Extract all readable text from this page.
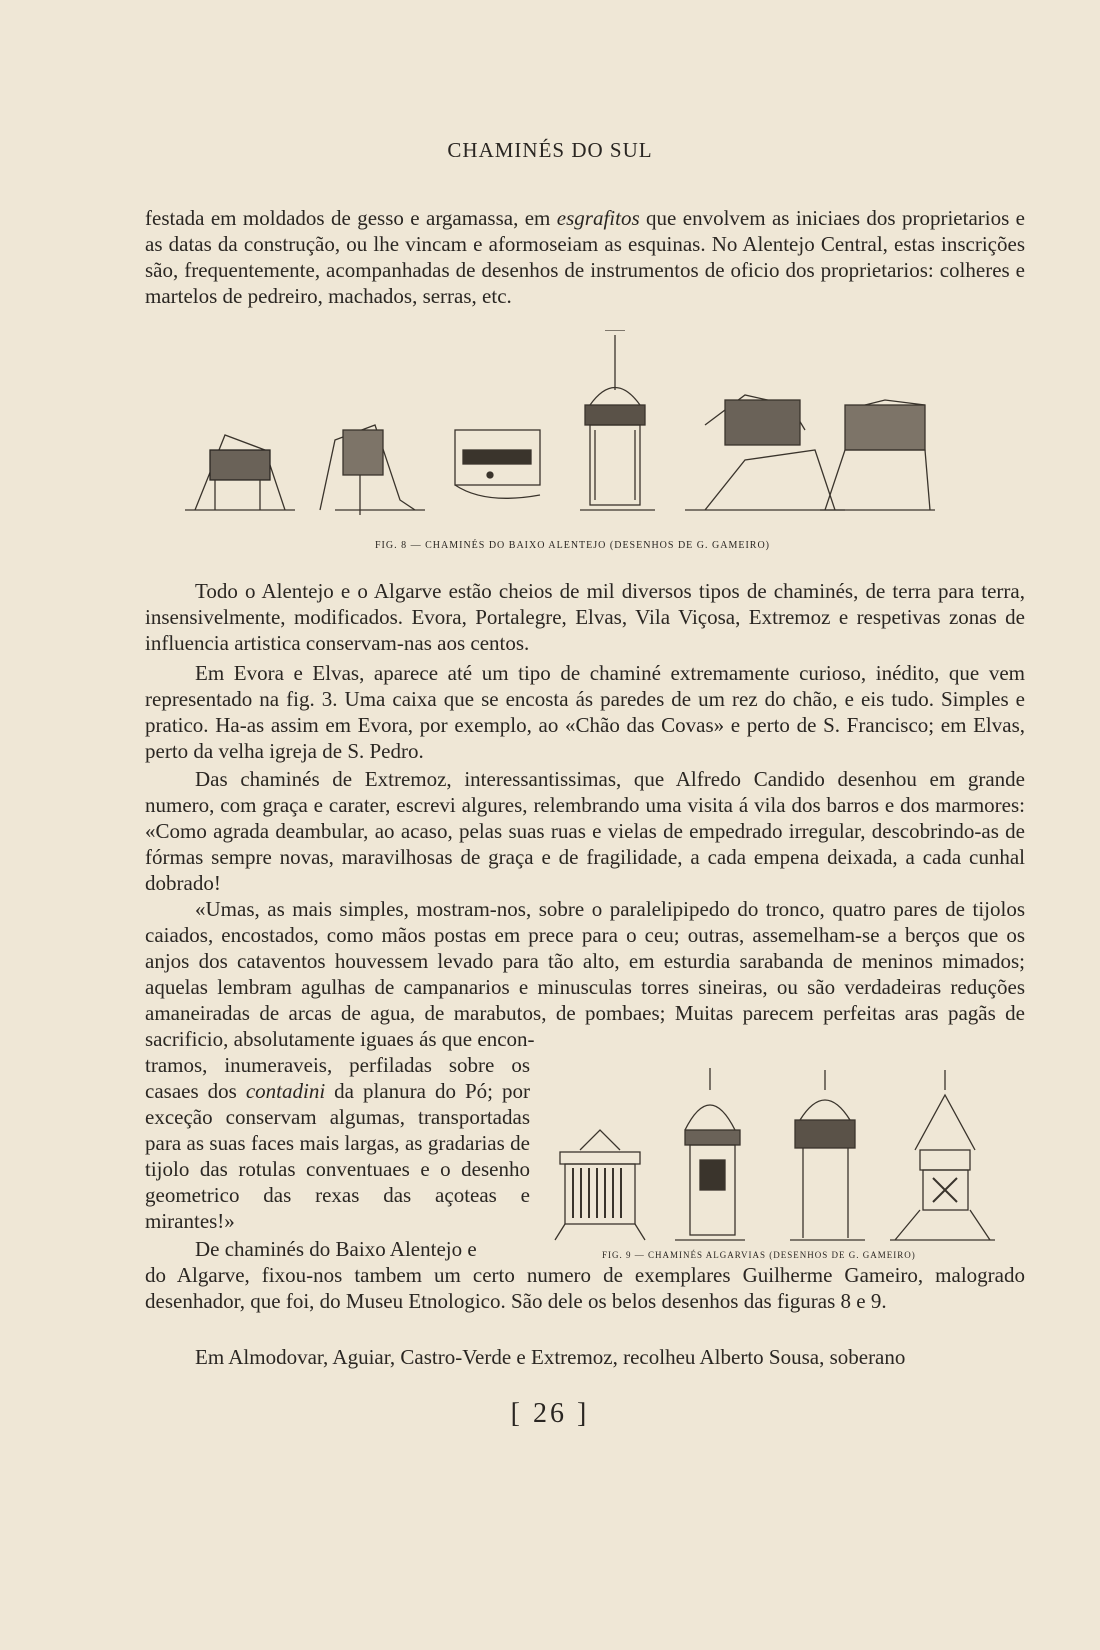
CHAMINÉS DO SUL

festada em moldados de gesso e argamassa, em esgrafitos que envolvem as iniciaes dos proprietarios e as datas da construção, ou lhe vincam e aformoseiam as esquinas. No Alentejo Central, estas inscrições são, frequentemente, acompanhadas de desenhos de instrumentos de oficio dos proprietarios: colheres e martelos de pedreiro, machados, serras, etc.

FIG. 8 — CHAMINÉS DO BAIXO ALENTEJO (DESENHOS DE G. GAMEIRO)

Todo o Alentejo e o Algarve estão cheios de mil diversos tipos de chaminés, de terra para terra, insensivelmente, modificados. Evora, Portalegre, Elvas, Vila Viçosa, Extremoz e respetivas zonas de influencia artistica conservam-nas aos centos.

Em Evora e Elvas, aparece até um tipo de chaminé extremamente curioso, inédito, que vem representado na fig. 3. Uma caixa que se encosta ás paredes de um rez do chão, e eis tudo. Simples e pratico. Ha-as assim em Evora, por exemplo, ao «Chão das Covas» e perto de S. Francisco; em Elvas, perto da velha igreja de S. Pedro.

Das chaminés de Extremoz, interessantissimas, que Alfredo Candido desenhou em grande numero, com graça e carater, escrevi algures, relembrando uma visita á vila dos barros e dos marmores: «Como agrada deambular, ao acaso, pelas suas ruas e vielas de empedrado irregular, descobrindo-as de fórmas sempre novas, maravilhosas de graça e de fragilidade, a cada empena deixada, a cada cunhal dobrado!

«Umas, as mais simples, mostram-nos, sobre o paralelipipedo do tronco, quatro pares de tijolos caiados, encostados, como mãos postas em prece para o ceu; outras, assemelham-se a berços que os anjos dos cataventos houvessem levado para tão alto, em esturdia sarabanda de meninos mimados; aquelas lembram agulhas de campanarios e minusculas torres sineiras, ou são verdadeiras reduções amaneiradas de arcas de agua, de marabutos, de pombaes; Muitas parecem perfeitas aras pagãs de sacrificio, absolutamente iguaes ás que encon-

tramos, inumeraveis, perfiladas sobre os casaes dos contadini da planura do Pó; por exceção conservam algumas, transportadas para as suas faces mais largas, as gradarias de tijolo das rotulas conventuaes e o desenho geometrico das rexas das açoteas e mirantes!»

De chaminés do Baixo Alentejo e	FIG. 9 — CHAMINÉS ALGARVIAS (DESENHOS DE G. GAMEIRO)

do Algarve, fixou-nos tambem um certo numero de exemplares Guilherme Gameiro, malogrado desenhador, que foi, do Museu Etnologico. São dele os belos desenhos das figuras 8 e 9.

Em Almodovar, Aguiar, Castro-Verde e Extremoz, recolheu Alberto Sousa, soberano

[ 26 ]
